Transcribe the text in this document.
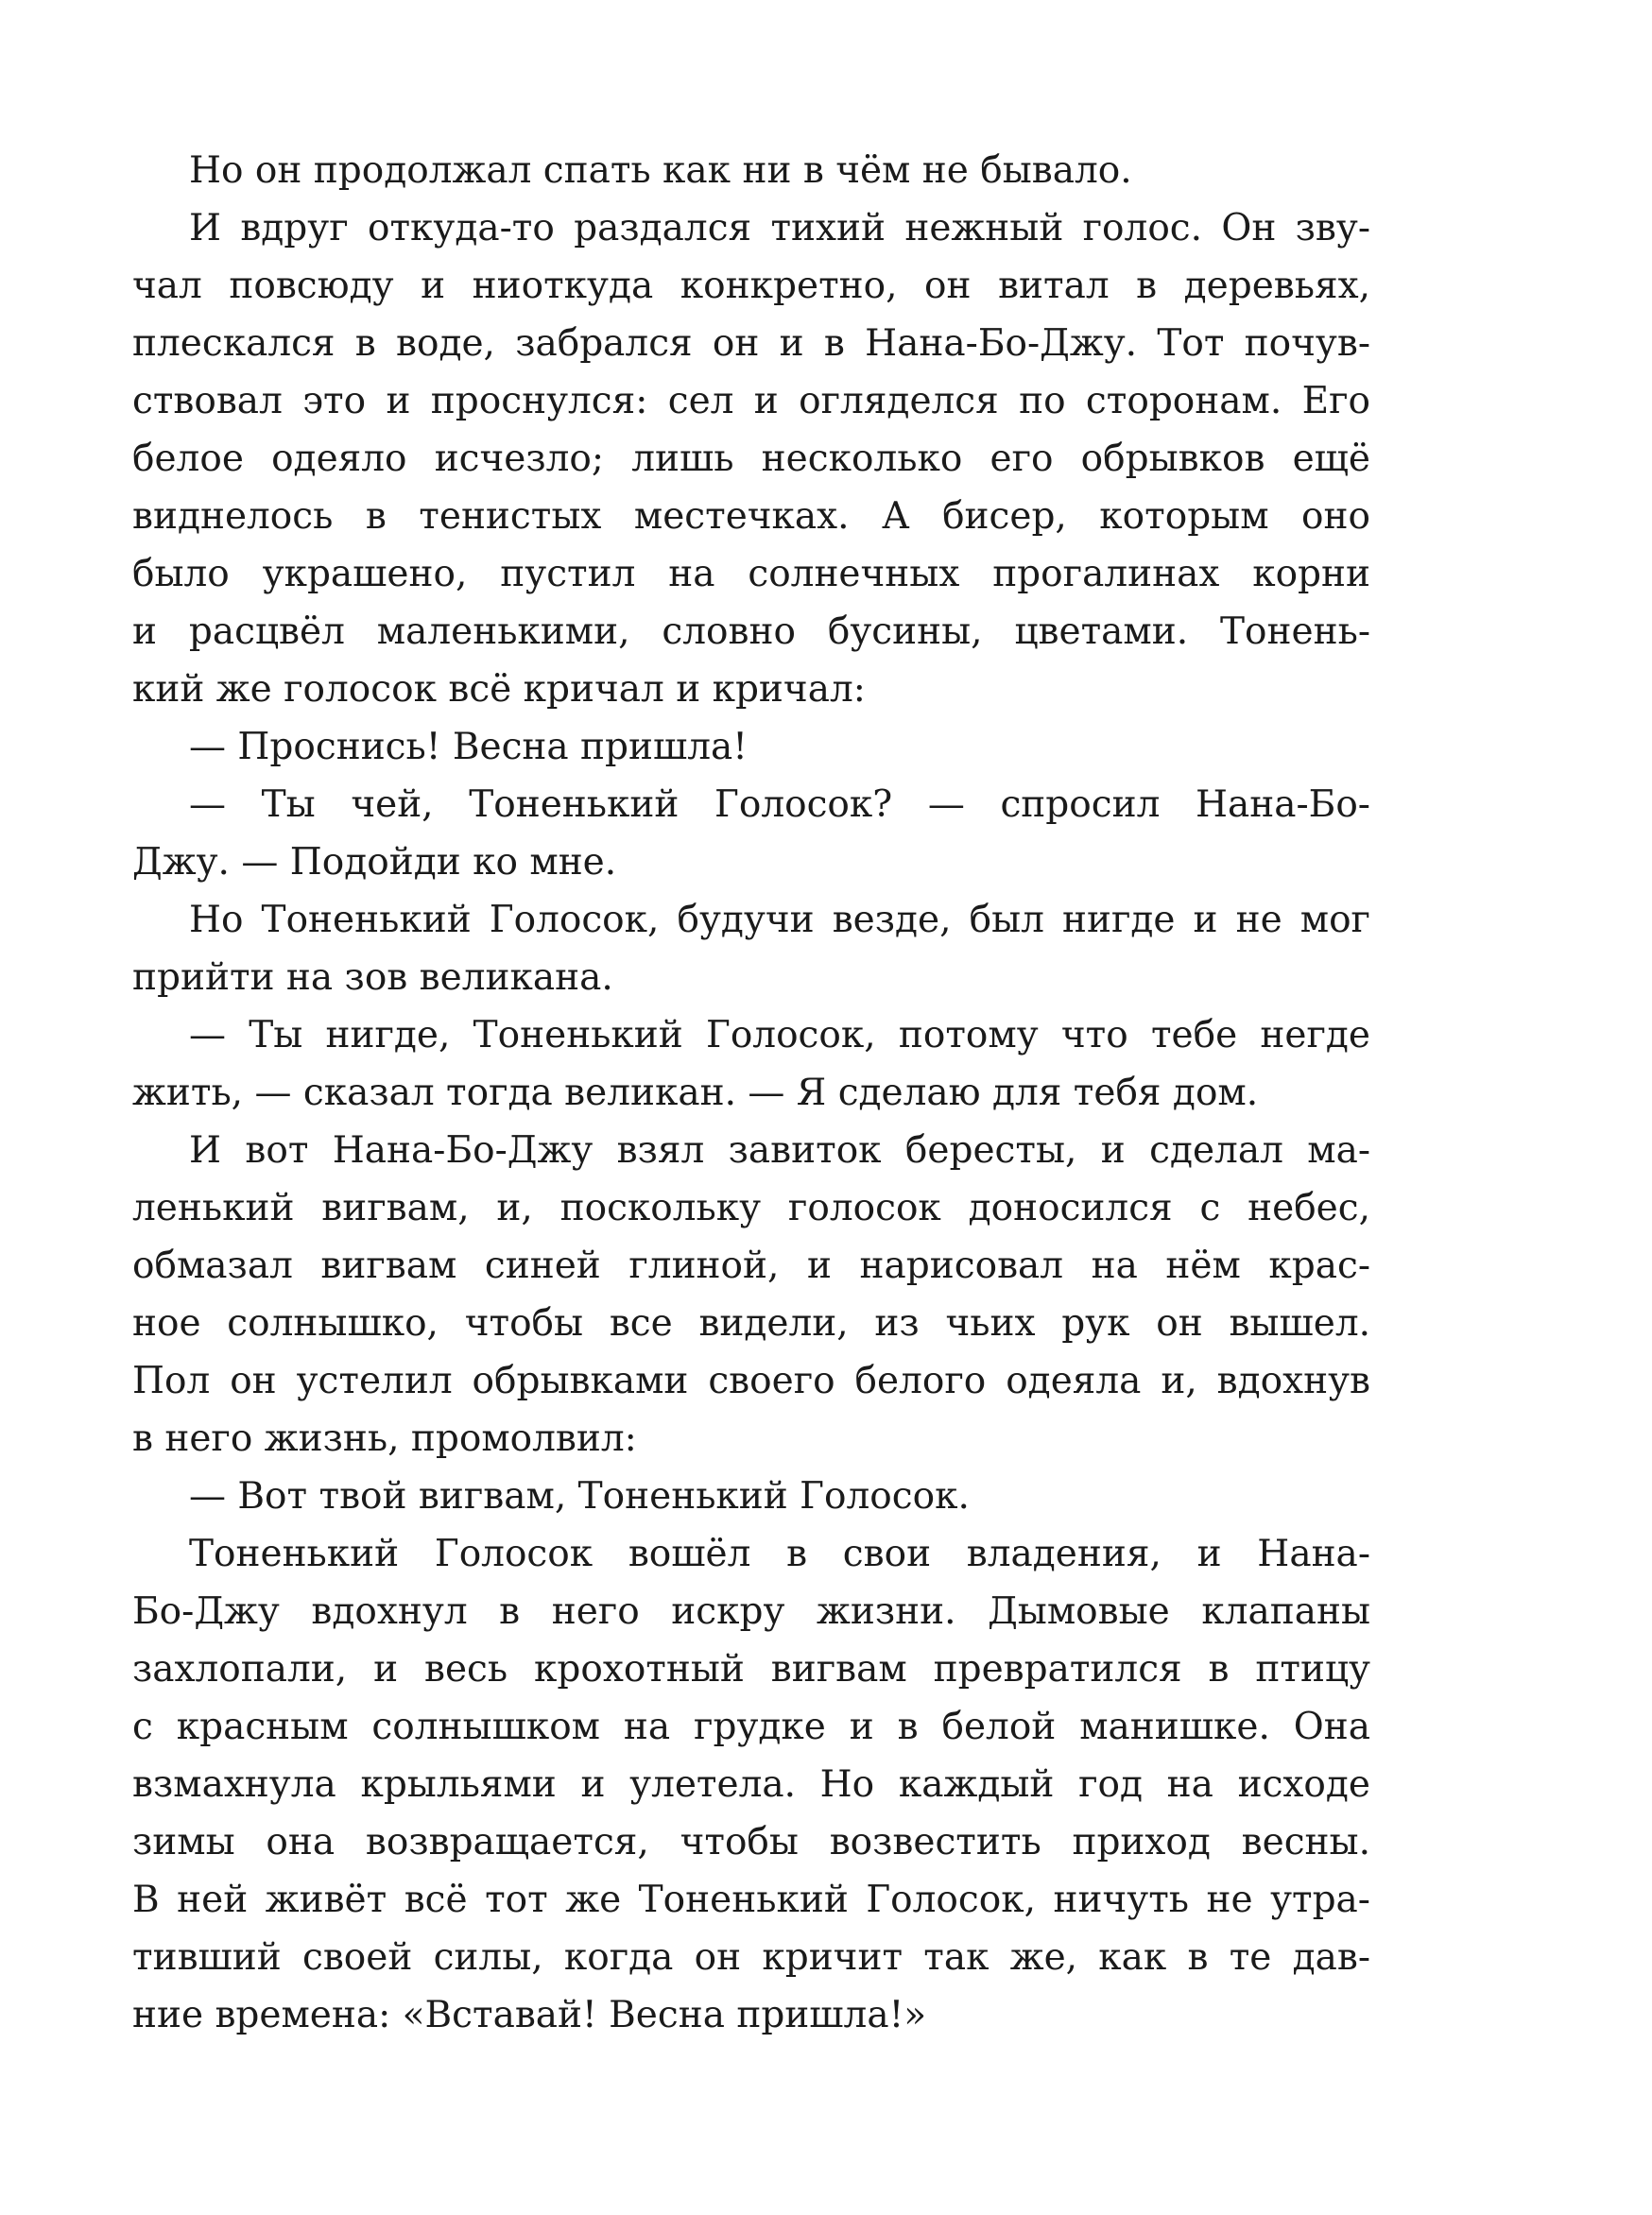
Но он продолжал спать как ни в чём не бывало.
И вдруг откуда-то раздался тихий нежный голос. Он зву-
чал повсюду и ниоткуда конкретно, он витал в деревьях,
плескался в воде, забрался он и в Нана-Бо-Джу. Тот почув-
ствовал это и проснулся: сел и огляделся по сторонам. Его
белое одеяло исчезло; лишь несколько его обрывков ещё
виднелось в тенистых местечках. А бисер, которым оно
было украшено, пустил на солнечных прогалинах корни
и расцвёл маленькими, словно бусины, цветами. Тонень-
кий же голосок всё кричал и кричал:
— Проснись! Весна пришла!
— Ты чей, Тоненький Голосок? — спросил Нана-Бо-
Джу. — Подойди ко мне.
Но Тоненький Голосок, будучи везде, был нигде и не мог
прийти на зов великана.
— Ты нигде, Тоненький Голосок, потому что тебе негде
жить, — сказал тогда великан. — Я сделаю для тебя дом.
И вот Нана-Бо-Джу взял завиток бересты, и сделал ма-
ленький вигвам, и, поскольку голосок доносился с небес,
обмазал вигвам синей глиной, и нарисовал на нём крас-
ное солнышко, чтобы все видели, из чьих рук он вышел.
Пол он устелил обрывками своего белого одеяла и, вдохнув
в него жизнь, промолвил:
— Вот твой вигвам, Тоненький Голосок.
Тоненький Голосок вошёл в свои владения, и Нана-
Бо-Джу вдохнул в него искру жизни. Дымовые клапаны
захлопали, и весь крохотный вигвам превратился в птицу
с красным солнышком на грудке и в белой манишке. Она
взмахнула крыльями и улетела. Но каждый год на исходе
зимы она возвращается, чтобы возвестить приход весны.
В ней живёт всё тот же Тоненький Голосок, ничуть не утра-
тивший своей силы, когда он кричит так же, как в те дав-
ние времена: «Вставай! Весна пришла!»
